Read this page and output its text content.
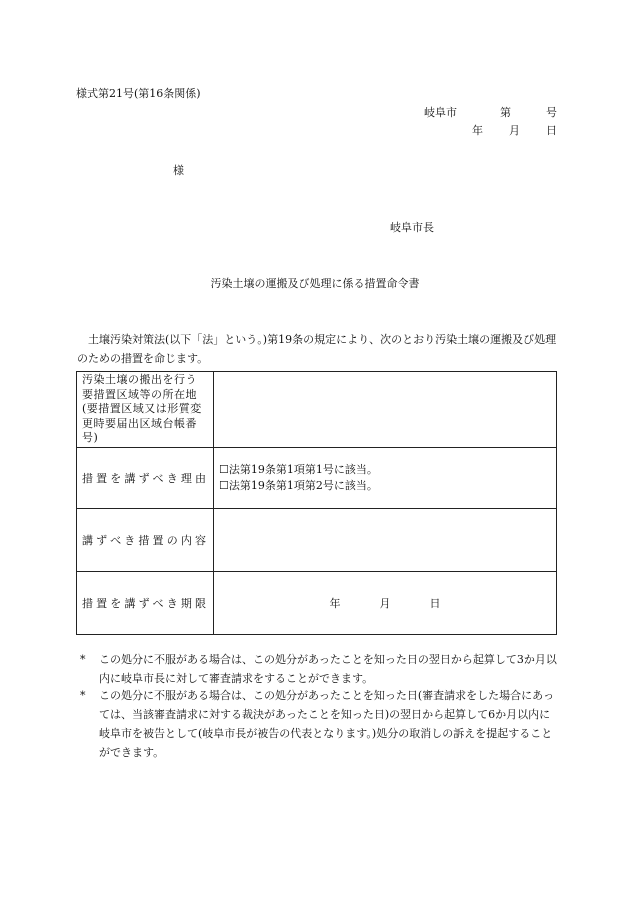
様式第21号(第16条関係)
岐阜市	第	号
年 月 日
様
岐阜市長
汚染土壌の運搬及び処理に係る措置命令書
土壌汚染対策法(以下「法」という。)第19条の規定により、次のとおり汚染土壌の運搬及び処理のための措置を命じます。
汚染土壌の搬出を行う要措置区域等の所在地(要措置区域又は形質変更時要届出区域台帳番号)	
措置を講ずべき理由	☐法第19条第1項第1号に該当。
☐法第19条第1項第2号に該当。

講ずべき措置の内容	
措置を講ずべき期限	年 月 日
* この処分に不服がある場合は、この処分があったことを知った日の翌日から起算して3か月以内に岐阜市長に対して審査請求をすることができます。
* この処分に不服がある場合は、この処分があったことを知った日(審査請求をした場合にあっては、当該審査請求に対する裁決があったことを知った日)の翌日から起算して6か月以内に岐阜市を被告として(岐阜市長が被告の代表となります。)処分の取消しの訴えを提起することができます。
